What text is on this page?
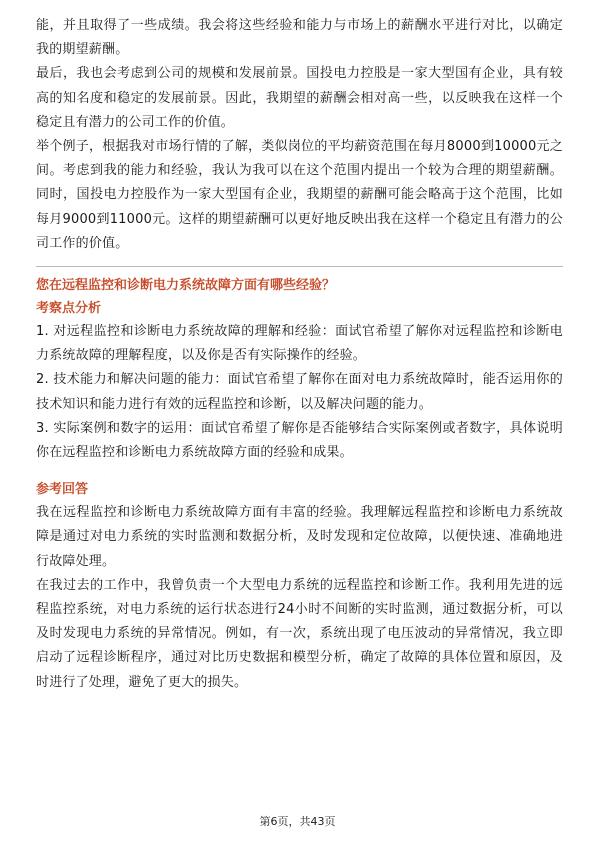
能，并且取得了一些成绩。我会将这些经验和能力与市场上的薪酬水平进行对比，以确定我的期望薪酬。

最后，我也会考虑到公司的规模和发展前景。国投电力控股是一家大型国有企业，具有较高的知名度和稳定的发展前景。因此，我期望的薪酬会相对高一些，以反映我在这样一个稳定且有潜力的公司工作的价值。

举个例子，根据我对市场行情的了解，类似岗位的平均薪资范围在每月8000到10000元之间。考虑到我的能力和经验，我认为我可以在这个范围内提出一个较为合理的期望薪酬。同时，国投电力控股作为一家大型国有企业，我期望的薪酬可能会略高于这个范围，比如每月9000到11000元。这样的期望薪酬可以更好地反映出我在这样一个稳定且有潜力的公司工作的价值。

您在远程监控和诊断电力系统故障方面有哪些经验？
考察点分析

1. 对远程监控和诊断电力系统故障的理解和经验：面试官希望了解你对远程监控和诊断电力系统故障的理解程度，以及你是否有实际操作的经验。

2. 技术能力和解决问题的能力：面试官希望了解你在面对电力系统故障时，能否运用你的技术知识和能力进行有效的远程监控和诊断，以及解决问题的能力。

3. 实际案例和数字的运用：面试官希望了解你是否能够结合实际案例或者数字，具体说明你在远程监控和诊断电力系统故障方面的经验和成果。

参考回答

我在远程监控和诊断电力系统故障方面有丰富的经验。我理解远程监控和诊断电力系统故障是通过对电力系统的实时监测和数据分析，及时发现和定位故障，以便快速、准确地进行故障处理。

在我过去的工作中，我曾负责一个大型电力系统的远程监控和诊断工作。我利用先进的远程监控系统，对电力系统的运行状态进行24小时不间断的实时监测，通过数据分析，可以及时发现电力系统的异常情况。例如，有一次，系统出现了电压波动的异常情况，我立即启动了远程诊断程序，通过对比历史数据和模型分析，确定了故障的具体位置和原因，及时进行了处理，避免了更大的损失。

第6页，共43页
